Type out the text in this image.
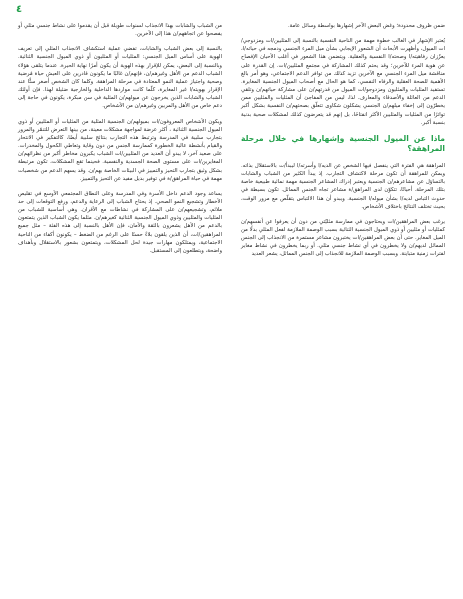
٤

ضمن ظروف محدودة؛ وغض البعض الآخر إشهارها بواسطة وسائل عامة.

يُعتبر الإشهار في الغالب خطوة مهمة من الناحية النفسية بالنسبة إلى المثليين/ات ومزدوجي/ات الميول، وأظهرت الأبحاث أن الشعور الإيجابي بشأن ميل المرء الجنسي ودمجه في حياته/ا، يعزّزان رفاهيته/ا وصحته/ا النفسية والعقلية. ويتضمن هذا الشعور في أغلب الأحيان الإفصاح عن هوية المرء للآخرين؛ وقد يحتم كذلك المشاركة في مجتمع المثليين/ات. إن القدرة على مناقشة ميل المرء الجنسي مع الآخرين تزيد كذلك من توافر الدعم الاجتماعي، وهو أمر بالغ الأهمية للصحة العقلية والرفاه النفسي، كما هو الحال مع أصحاب الميول الجنسية المغايرة. تستفيد المثليات والمثليون ومزدوجو/ات الميول من قدرتهم/ن على مشاركة حياتهم/ن وتلقي الدعم من العائلة والأصدقاء والمعارف. لذا، ليس من المفاجئ أن المثليات والمثليين ممن يخطرّون إلى إخفاء ميلهم/ن الجنسي يشكلون شكاوى تتعلّق بصحتهم/ن النفسية بشكل أكبر تواترًا من المثليات والمثليين الأكثر انفتاحًا، بل إنهم قد يتعرضون كذلك لمشكلات صحية بدنية بنسبة أكبر.

ماذا عن الميول الجنسية وإشهارها في خلال مرحلة المراهقة؟

المراهقة هي الفترة التي ينفصل فيها الشخص عن الديه/ا وأسرته/ا ليبدأ/ت بالاستقلال بذاته. ويمكن للمراهقة أن تكون مرحلة لاكتشاف التجارب. إذ يبدأ الكثير من الشباب والشابات بالتساؤل عن مشاعرهم/ن الجنسية ويعتبر إدراك المشاعر الجنسية مهمة نمائية طبيعية خاصة بتلك المرحلة. أحيانًا، تتكوّن لدى المراهق/ة مشاعر تجاه الجنس المماثل. تكون بسيطة في حدوث التباس لديه/ا بشأن ميوله/ا الجنسية. ويبدو أن هذا الالتباس يتقلّص مع مرور الوقت، بحيث تختلف النتائج باختلاف الأشخاص.

يرغب بعض المراهقين/ات ويحتاجون في ممارسة مثليّتي من دون أن يعرفوا عن أنفسهم/ن كمثليات أو مثليين أو ذوي الميول الجنسية الثنائية بسبب الوصمة الملازمة لفعل المثلي بدلًا من الميل المغاير. حتى أن بعض المراهقين/ات يختبرون مشاعر مستمرة من الانجذاب إلى الجنس المماثل لديهم/ن ولا يخطرون في أي نشاط جنسي مثلي. أو ربما يخطرون في نشاط مغاير لفترات زمنية متباينة. وبسبب الوصمة الملازمة للانجذاب إلى الجنس المماثل، يشعر العديد

من الشباب والشابات بهذا الانجذاب لسنوات طويلة قبل أن يقدموا على نشاط جنسي مثلي أو يفصحوا عن اتجاههم/ن هذا إلى الآخرين.

بالنسبة إلى بعض الشباب والشابات، تفضي عملية استكشاف الانجذاب المثلي إلى تعريف الهوية على أساس الميل الجنسي: المثليات أو المثليون أو ذوي الميول الجنسية الثنائية. وبالنسبة إلى البعض، يمكن للإقرار بهذه الهوية أن يكون أمرًا نهاية الحيرة. عندما يتلقى هؤلاء الشباب الدعم من الأهل وغيرهم/ن، فإنهم/ن غالبًا ما يكونون قادرين على العيش حياة مُرضية وصحية واجتياز عملية النمو المعتادة في مرحلة المراهقة. وكلما كان الشخص أصغر سنًّا عند الإقرار بهويته/ا غير المغايرة، كلّما كانت مواردها الداخلية والخارجية ضئيلة لهذا. فإن أولئك الشباب والشابات الذين يخرجون عن ميولهم/ن المثلية في سن مبكرة، يكونون في حاجة إلى دعم خاص من الأهل والمربين وغيرهم/ن من الأشخاص.

ويكون الأشخاص المعروفون/ات بميولهم/ن الجنسية المثلية من المثليات أو المثليين أو ذوي الميول الجنسية الثنائية ، أكثر عرضة لمواجهة مشكلات معينة، من بينها التعرض للتنمّر والمرور بتجارب سلبية في المدرسة وترتبط هذه التجارب بنتائج سلبية أيضًا، كالتفكير في الانتحار والقيام بأنشطة عالية الخطورة كممارسة الجنس من دون وقاية وتعاطي الكحول والمخدرات. على صعيد آخر، لا يبدو أن العديد من المثليين/ات الشباب يكبرون مخاطر أكبر من نظرائهم/ن المغايرين/ات على مستوى الصحة الجسدية والنفسية. فحينما تقع المشكلات، تكون مرتبطة بشكل وثيق بتجارب التحيز والتمييز في البيئات الخاصة بهم/ن. وقد يسهم الدعم من شخصيات مهمة في حياة المراهق/ة في توفير بديل مفيد عن التحيز والتمييز.

يساعد وجود الدعم داخل الأسرة وفي المدرسة وعلى النطاق المجتمعي الأوسع في تقليص الأخطار وتشجيع النمو الصحي. إذ يحتاج الشباب إلى الرعاية والدعم، ورفع التوقعات إلى حد ملائم، وتشجيعهم/ن على المشاركة في نشاطات مع الأقران. وهي أساسية للشباب من المثليات والمثليين وذوي الميول الجنسية الثنائية كغيرهم/ن. مثلما يكون الشباب الذين يتمتعون بالدعم من الأهل يشعرون بالثقة والأمان، فإن الأهل بالنسبة إلى هذه الفئة – مثل جميع المراهقين/ات، أن الذين يلقون بلاءً حسنًا على الرغم من الضغط – يكونون أكفاء من الناحية الاجتماعية، ويمتلكون مهارات جيدة لحل المشكلات، ويتمتعون بشعور بالاستقلال وبأهداف واضحة، ويتطلعون إلى المستقبل.
